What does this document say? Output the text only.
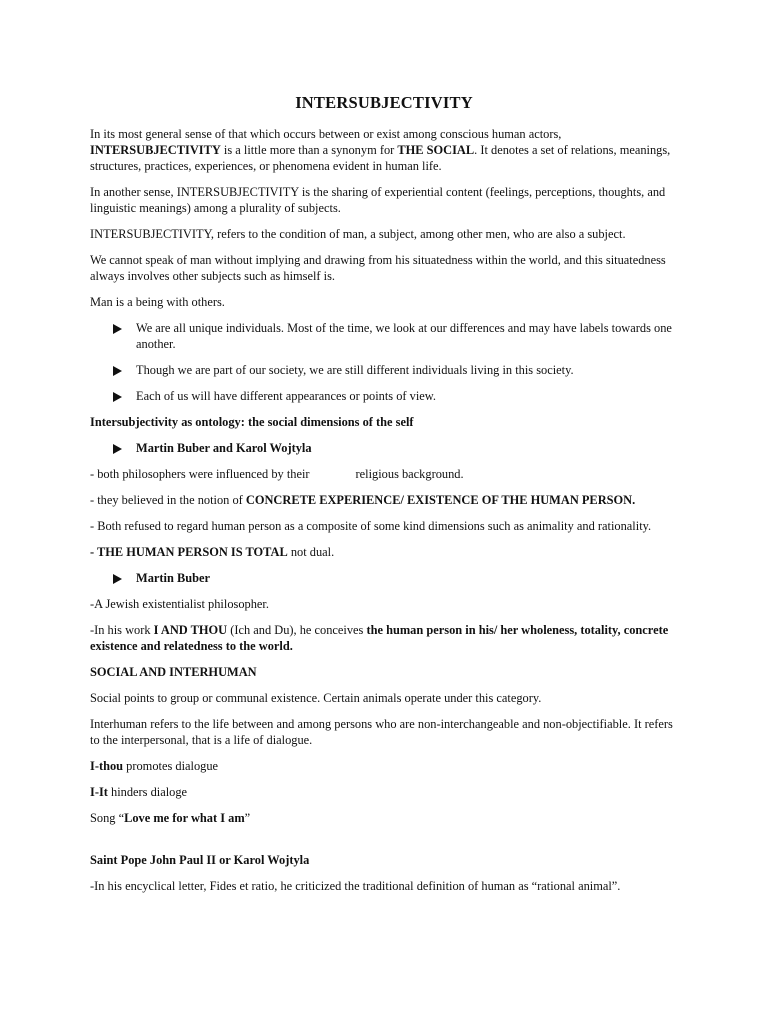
INTERSUBJECTIVITY
In its most general sense of that which occurs between or exist among conscious human actors,
INTERSUBJECTIVITY is a little more than a synonym for THE SOCIAL. It denotes a set of relations, meanings, structures, practices, experiences, or phenomena evident in human life.
In another sense, INTERSUBJECTIVITY is the sharing of experiential content (feelings, perceptions, thoughts, and linguistic meanings) among a plurality of subjects.
INTERSUBJECTIVITY, refers to the condition of man, a subject, among other men, who are also a subject.
We cannot speak of man without implying and drawing from his situatedness within the world, and this situatedness always involves other subjects such as himself is.
Man is a being with others.
We are all unique individuals. Most of the time, we look at our differences and may have labels towards one another.
Though we are part of our society, we are still different individuals living in this society.
Each of us will have different appearances or points of view.
Intersubjectivity as ontology: the social dimensions of the self
Martin Buber and Karol Wojtyla
- both philosophers were influenced by their	religious background.
- they believed in the notion of CONCRETE EXPERIENCE/ EXISTENCE OF THE HUMAN PERSON.
- Both refused to regard human person as a composite of some kind dimensions such as animality and rationality.
- THE HUMAN PERSON IS TOTAL not dual.
Martin Buber
-A Jewish existentialist philosopher.
-In his work I AND THOU (Ich and Du), he conceives the human person in his/ her wholeness, totality, concrete existence and relatedness to the world.
SOCIAL AND INTERHUMAN
Social points to group or communal existence. Certain animals operate under this category.
Interhuman refers to the life between and among persons who are non-interchangeable and non-objectifiable. It refers to the interpersonal, that is a life of dialogue.
I-thou promotes dialogue
I-It hinders dialoge
Song “Love me for what I am”
Saint Pope John Paul II or Karol Wojtyla
-In his encyclical letter, Fides et ratio, he criticized the traditional definition of human as “rational animal”.
